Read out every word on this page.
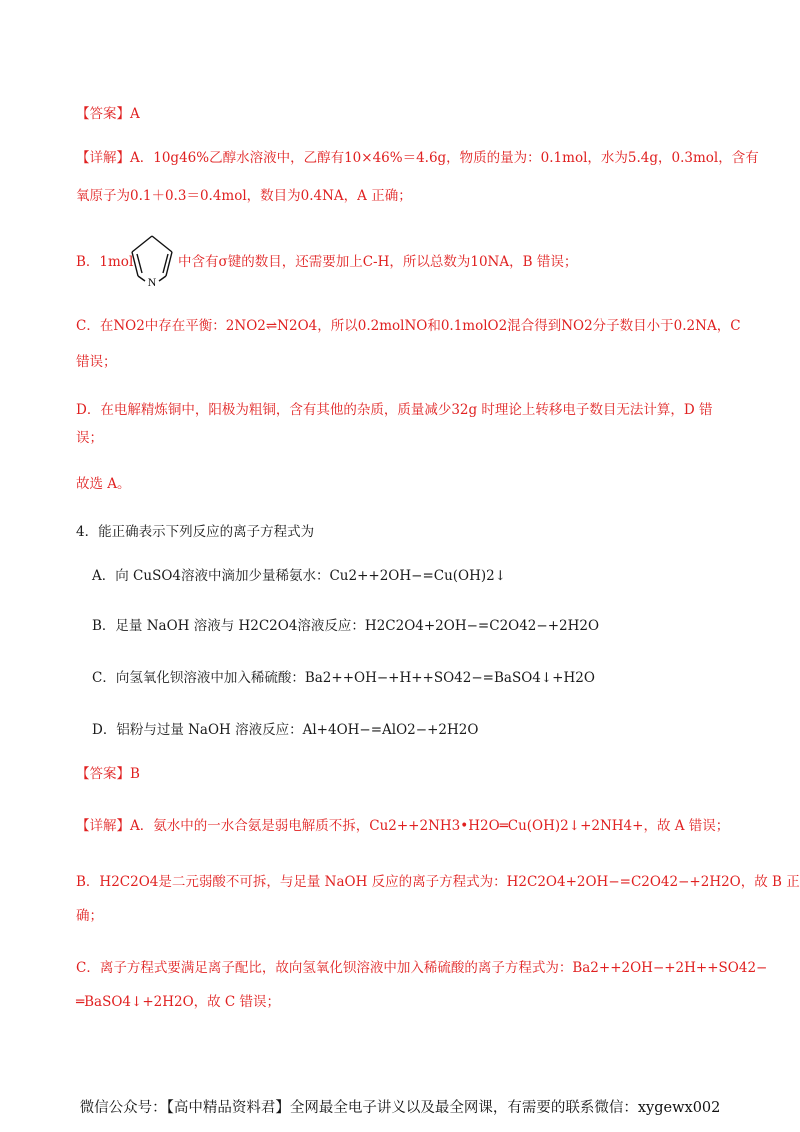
【答案】A
【详解】A．10g46%乙醇水溶液中，乙醇有10×46%＝4.6g，物质的量为：0.1mol，水为5.4g，0.3mol，含有
氧原子为0.1＋0.3＝0.4mol，数目为0.4NA，A 正确；
B．1mol
N
中含有σ键的数目，还需要加上C-H，所以总数为10NA，B 错误；
C．在NO2中存在平衡：2NO2⇌N2O4，所以0.2molNO和0.1molO2混合得到NO2分子数目小于0.2NA，C
错误；
D．在电解精炼铜中，阳极为粗铜，含有其他的杂质，质量减少32g 时理论上转移电子数目无法计算，D 错
误；
故选 A。
4．能正确表示下列反应的离子方程式为
A．向 CuSO4溶液中滴加少量稀氨水：Cu2++2OH−=Cu(OH)2↓
B．足量 NaOH 溶液与 H2C2O4溶液反应：H2C2O4+2OH−=C2O42−+2H2O
C．向氢氧化钡溶液中加入稀硫酸：Ba2++OH−+H++SO42−=BaSO4↓+H2O
D．铝粉与过量 NaOH 溶液反应：Al+4OH−=AlO2−+2H2O
【答案】B
【详解】A．氨水中的一水合氨是弱电解质不拆，Cu2++2NH3•H2O═Cu(OH)2↓+2NH4+，故 A 错误；
B．H2C2O4是二元弱酸不可拆，与足量 NaOH 反应的离子方程式为：H2C2O4+2OH−=C2O42−+2H2O，故 B 正
确；
C．离子方程式要满足离子配比，故向氢氧化钡溶液中加入稀硫酸的离子方程式为：Ba2++2OH−+2H++SO42−
═BaSO4↓+2H2O，故 C 错误；
微信公众号：【高中精品资料君】全网最全电子讲义以及最全网课，有需要的联系微信：xygewx002
